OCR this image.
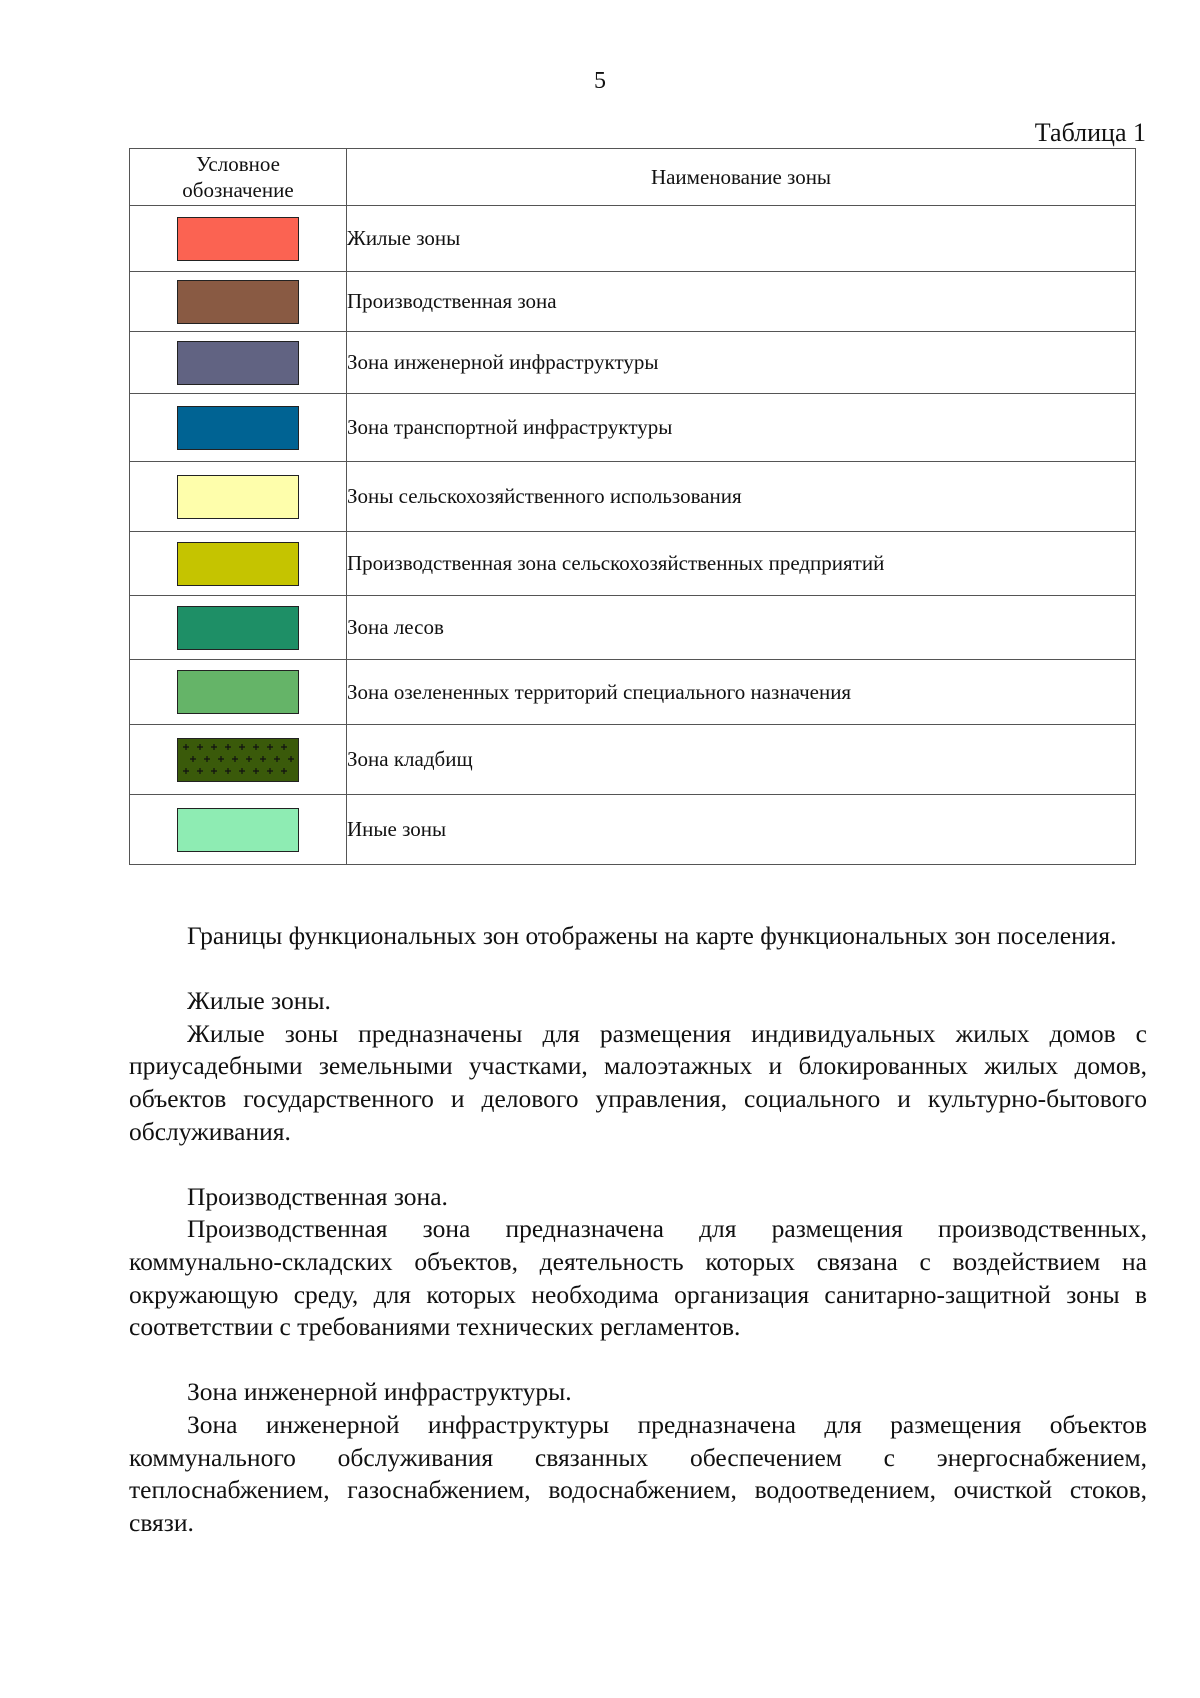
5
Таблица 1
Условное
обозначение	Наименование зоны
	Жилые зоны
	Производственная зона
	Зона инженерной инфраструктуры
	Зона транспортной инфраструктуры
	Зоны сельскохозяйственного использования
	Производственная зона сельскохозяйственных предприятий
	Зона лесов
	Зона озелененных территорий специального назначения

	Зона кладбищ
	Иные зоны

Границы функциональных зон отображены на карте функциональных зон поселения.

Жилые зоны.

Жилые зоны предназначены для размещения индивидуальных жилых домов с приусадебными земельными участками, малоэтажных и блокированных жилых домов, объектов государственного и делового управления, социального и культурно-бытового обслуживания.

Производственная зона.

Производственная зона предназначена для размещения производственных, коммунально-складских объектов, деятельность которых связана с воздействием на окружающую среду, для которых необходима организация санитарно-защитной зоны в соответствии с требованиями технических регламентов.

Зона инженерной инфраструктуры.

Зона инженерной инфраструктуры предназначена для размещения объектов коммунального обслуживания связанных обеспечением с энергоснабжением, теплоснабжением, газоснабжением, водоснабжением, водоотведением, очисткой стоков, связи.
